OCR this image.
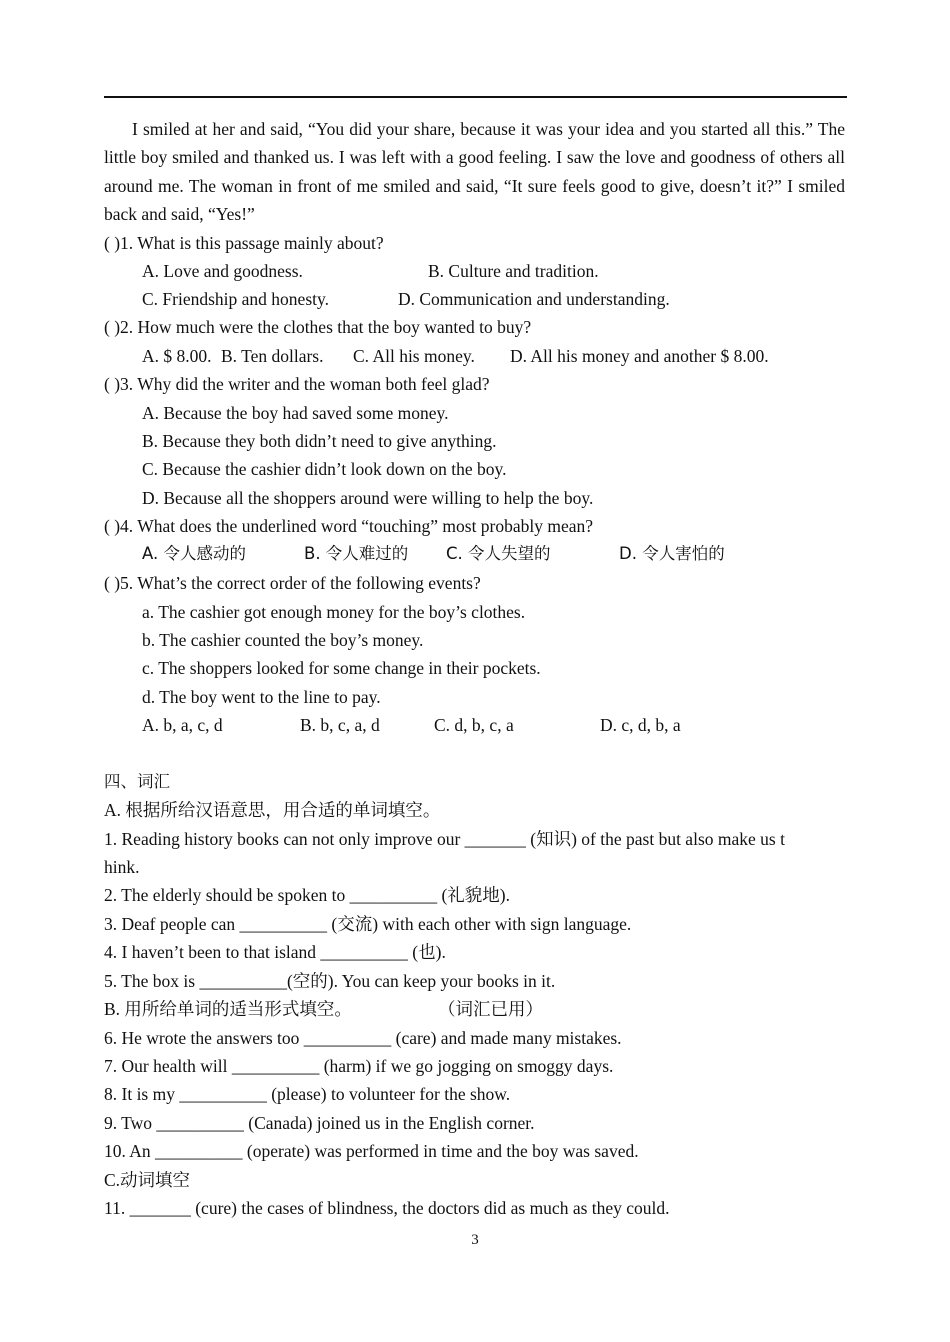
I smiled at her and said, “You did your share, because it was your idea and you started all this.” The little boy smiled and thanked us. I was left with a good feeling. I saw the love and goodness of others all around me. The woman in front of me smiled and said, “It sure feels good to give, doesn’t it?” I smiled back and said, “Yes!”
( )1. What is this passage mainly about?
A. Love and goodness.	B. Culture and tradition.
C. Friendship and honesty.	D. Communication and understanding.
( )2. How much were the clothes that the boy wanted to buy?
A. $ 8.00. B. Ten dollars. C. All his money. D. All his money and another $ 8.00.
( )3. Why did the writer and the woman both feel glad?
A. Because the boy had saved some money.
B. Because they both didn’t need to give anything.
C. Because the cashier didn’t look down on the boy.
D. Because all the shoppers around were willing to help the boy.
( )4. What does the underlined word “touching” most probably mean?
A. 令人感动的	B. 令人难过的 C. 令人失望的	D. 令人害怕的
( )5. What’s the correct order of the following events?
a. The cashier got enough money for the boy’s clothes.
b. The cashier counted the boy’s money.
c. The shoppers looked for some change in their pockets.
d. The boy went to the line to pay.
A. b, a, c, d	B. b, c, a, d	C. d, b, c, a	D. c, d, b, a
四、词汇
A. 根据所给汉语意思，用合适的单词填空。
1. Reading history books can not only improve our _______ (知识) of the past but also make us t
hink.
2. The elderly should be spoken to __________ (礼貌地).
3. Deaf people can __________ (交流) with each other with sign language.
4. I haven’t been to that island __________ (也).
5. The box is __________(空的). You can keep your books in it.
B. 用所给单词的适当形式填空。	（词汇已用）
6. He wrote the answers too __________ (care) and made many mistakes.
7. Our health will __________ (harm) if we go jogging on smoggy days.
8. It is my __________ (please) to volunteer for the show.
9. Two __________ (Canada) joined us in the English corner.
10. An __________ (operate) was performed in time and the boy was saved.
C.动词填空
11. _______ (cure) the cases of blindness, the doctors did as much as they could.
3
